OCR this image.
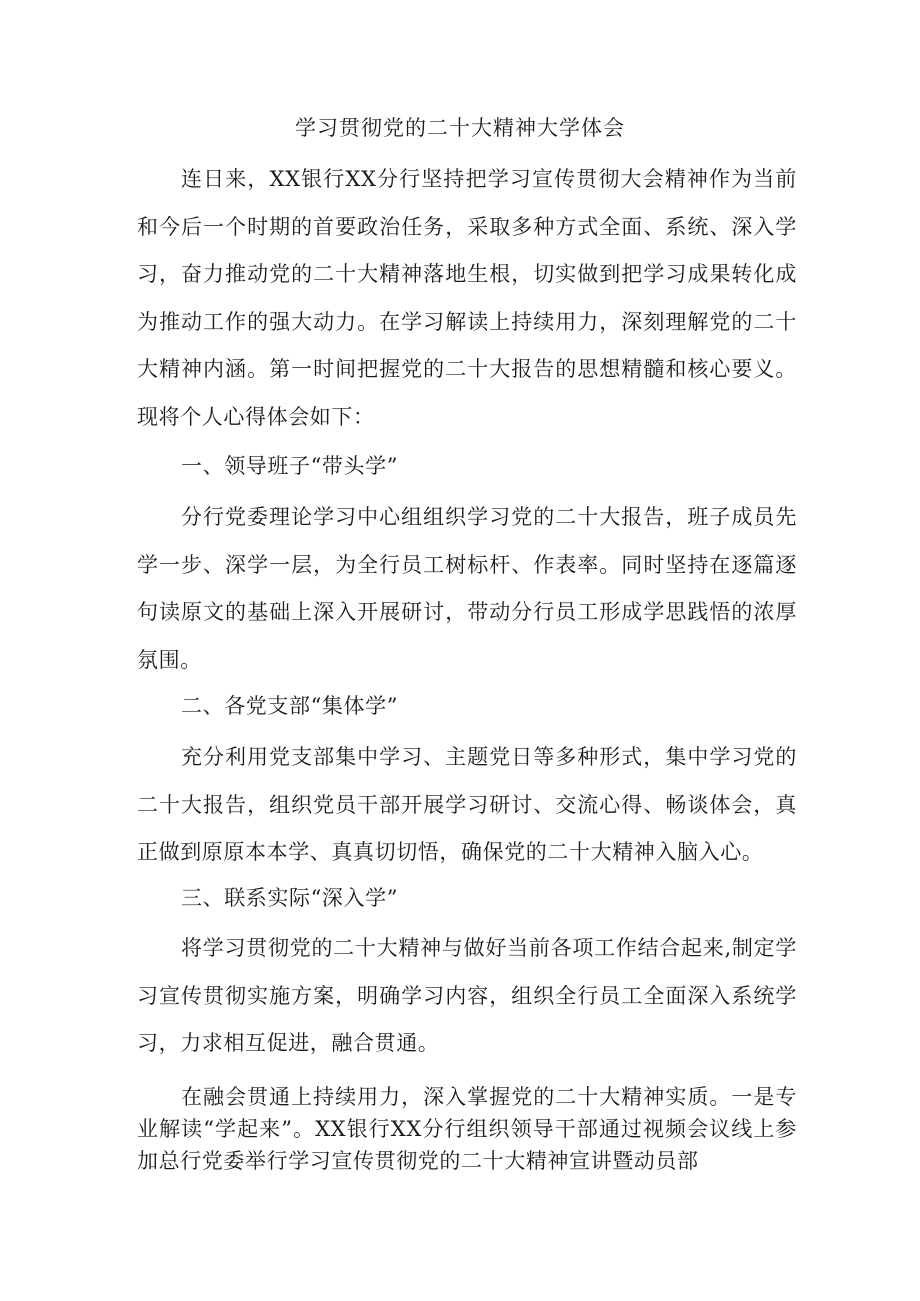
学习贯彻党的二十大精神大学体会

连日来，XX银行XX分行坚持把学习宣传贯彻大会精神作为当前和今后一个时期的首要政治任务，采取多种方式全面、系统、深入学习，奋力推动党的二十大精神落地生根，切实做到把学习成果转化成为推动工作的强大动力。在学习解读上持续用力，深刻理解党的二十大精神内涵。第一时间把握党的二十大报告的思想精髓和核心要义。现将个人心得体会如下：

一、领导班子“带头学”

分行党委理论学习中心组组织学习党的二十大报告，班子成员先学一步、深学一层，为全行员工树标杆、作表率。同时坚持在逐篇逐句读原文的基础上深入开展研讨，带动分行员工形成学思践悟的浓厚氛围。

二、各党支部“集体学”

充分利用党支部集中学习、主题党日等多种形式，集中学习党的二十大报告，组织党员干部开展学习研讨、交流心得、畅谈体会，真正做到原原本本学、真真切切悟，确保党的二十大精神入脑入心。

三、联系实际“深入学”

将学习贯彻党的二十大精神与做好当前各项工作结合起来,制定学习宣传贯彻实施方案，明确学习内容，组织全行员工全面深入系统学习，力求相互促进，融合贯通。

在融会贯通上持续用力，深入掌握党的二十大精神实质。一是专业解读“学起来”。XX银行XX分行组织领导干部通过视频会议线上参加总行党委举行学习宣传贯彻党的二十大精神宣讲暨动员部
